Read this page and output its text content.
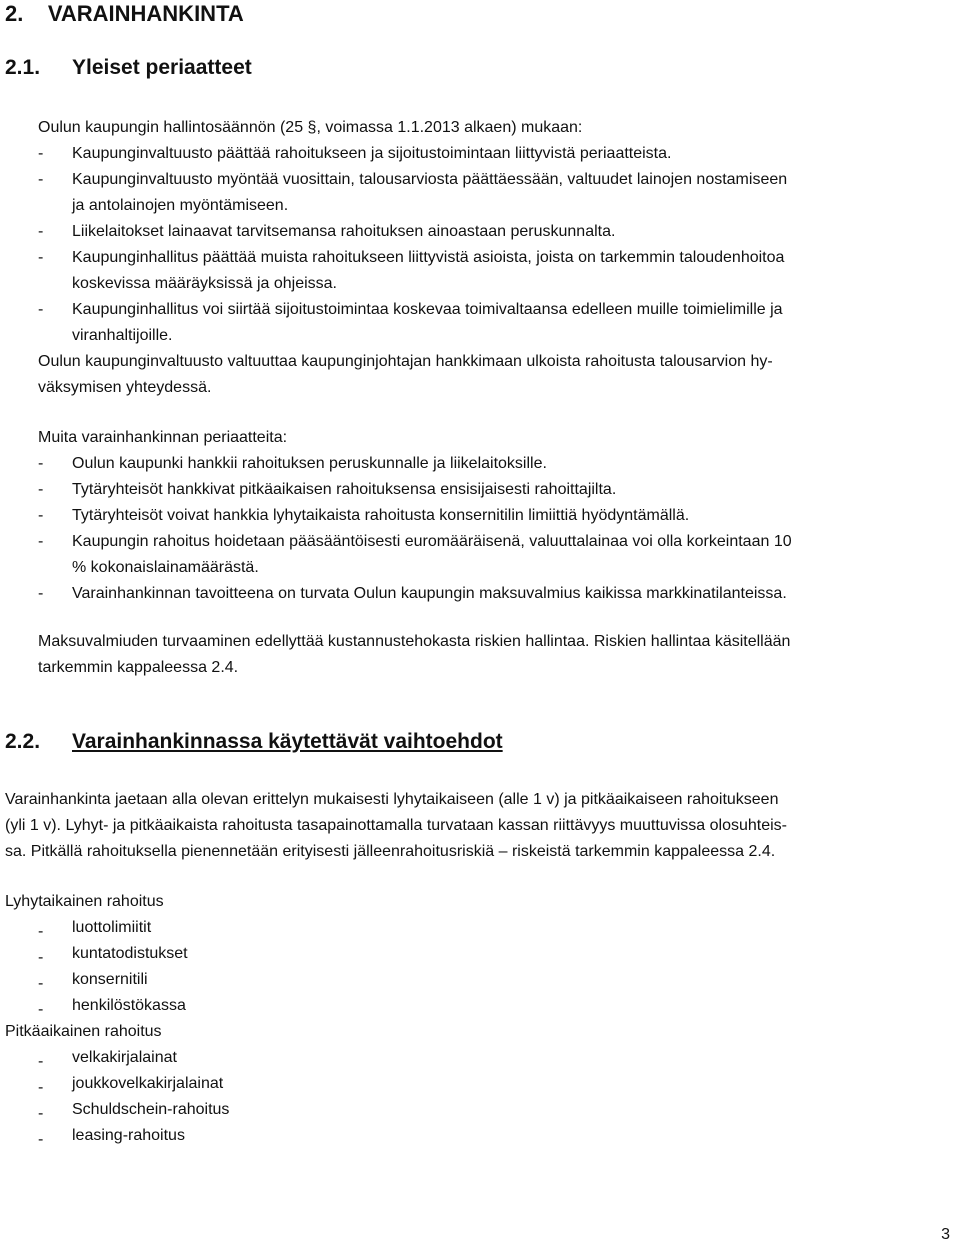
2. VARAINHANKINTA
2.1. Yleiset periaatteet
Oulun kaupungin hallintosäännön (25 §, voimassa 1.1.2013 alkaen) mukaan:
-	Kaupunginvaltuusto päättää rahoitukseen ja sijoitustoimintaan liittyvistä periaatteista.
-	Kaupunginvaltuusto myöntää vuosittain, talousarviosta päättäessään, valtuudet lainojen nostamiseen
ja antolainojen myöntämiseen.
-	Liikelaitokset lainaavat tarvitsemansa rahoituksen ainoastaan peruskunnalta.
-	Kaupunginhallitus päättää muista rahoitukseen liittyvistä asioista, joista on tarkemmin taloudenhoitoa
koskevissa määräyksissä ja ohjeissa.
-	Kaupunginhallitus voi siirtää sijoitustoimintaa koskevaa toimivaltaansa edelleen muille toimielimille ja
viranhaltijoille.
Oulun kaupunginvaltuusto valtuuttaa kaupunginjohtajan hankkimaan ulkoista rahoitusta talousarvion hy-
väksymisen yhteydessä.
Muita varainhankinnan periaatteita:
-	Oulun kaupunki hankkii rahoituksen peruskunnalle ja liikelaitoksille.
-	Tytäryhteisöt hankkivat pitkäaikaisen rahoituksensa ensisijaisesti rahoittajilta.
-	Tytäryhteisöt voivat hankkia lyhytaikaista rahoitusta konsernitilin limiittiä hyödyntämällä.
-	Kaupungin rahoitus hoidetaan pääsääntöisesti euromääräisenä, valuuttalainaa voi olla korkeintaan 10
% kokonaislainamäärästä.
-	Varainhankinnan tavoitteena on turvata Oulun kaupungin maksuvalmius kaikissa markkinatilanteissa.
Maksuvalmiuden turvaaminen edellyttää kustannustehokasta riskien hallintaa. Riskien hallintaa käsitellään
tarkemmin kappaleessa 2.4.
2.2. Varainhankinnassa käytettävät vaihtoehdot
Varainhankinta jaetaan alla olevan erittelyn mukaisesti lyhytaikaiseen (alle 1 v) ja pitkäaikaiseen rahoitukseen
(yli 1 v). Lyhyt- ja pitkäaikaista rahoitusta tasapainottamalla turvataan kassan riittävyys muuttuvissa olosuhteis-
sa. Pitkällä rahoituksella pienennetään erityisesti jälleenrahoitusriskiä – riskeistä tarkemmin kappaleessa 2.4.
Lyhytaikainen rahoitus
-	luottolimiitit
-	kuntatodistukset
-	konsernitili
-	henkilöstökassa
Pitkäaikainen rahoitus
-	velkakirjalainat
-	joukkovelkakirjalainat
-	Schuldschein-rahoitus
-	leasing-rahoitus
3
